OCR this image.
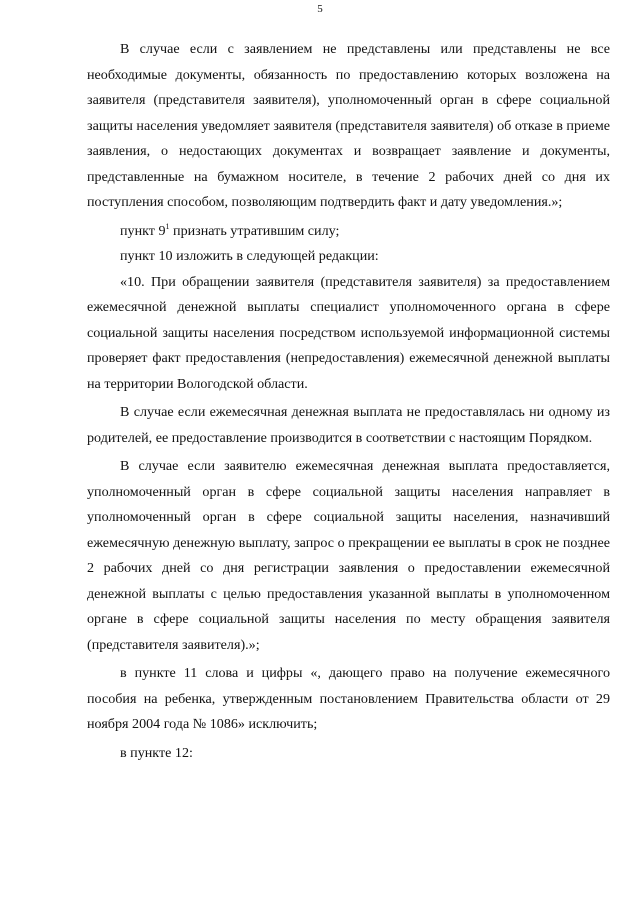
5

В случае если с заявлением не представлены или представлены не все необходимые документы, обязанность по предоставлению которых возложена на заявителя (представителя заявителя), уполномоченный орган в сфере социальной защиты населения уведомляет заявителя (представителя заявителя) об отказе в приеме заявления, о недостающих документах и возвращает заявление и документы, представленные на бумажном носителе, в течение 2 рабочих дней со дня их поступления способом, позволяющим подтвердить факт и дату уведомления.»;

пункт $9^1$ признать утратившим силу;

пункт 10 изложить в следующей редакции:

«10. При обращении заявителя (представителя заявителя) за предоставлением ежемесячной денежной выплаты специалист уполномоченного органа в сфере социальной защиты населения посредством используемой информационной системы проверяет факт предоставления (непредоставления) ежемесячной денежной выплаты на территории Вологодской области.

В случае если ежемесячная денежная выплата не предоставлялась ни одному из родителей, ее предоставление производится в соответствии с настоящим Порядком.

В случае если заявителю ежемесячная денежная выплата предоставляется, уполномоченный орган в сфере социальной защиты населения направляет в уполномоченный орган в сфере социальной защиты населения, назначивший ежемесячную денежную выплату, запрос о прекращении ее выплаты в срок не позднее 2 рабочих дней со дня регистрации заявления о предоставлении ежемесячной денежной выплаты с целью предоставления указанной выплаты в уполномоченном органе в сфере социальной защиты населения по месту обращения заявителя (представителя заявителя).»;

в пункте 11 слова и цифры «, дающего право на получение ежемесячного пособия на ребенка, утвержденным постановлением Правительства области от 29 ноября 2004 года № 1086» исключить;

в пункте 12:
